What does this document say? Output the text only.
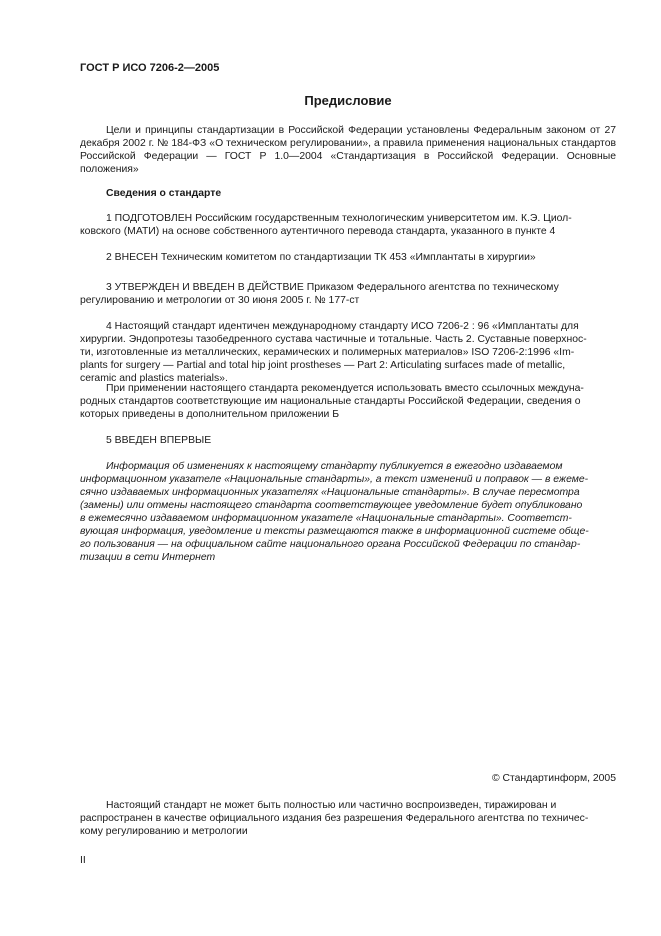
ГОСТ Р ИСО 7206-2—2005
Предисловие

Цели и принципы стандартизации в Российской Федерации установлены Федеральным законом от 27 декабря 2002 г. № 184-ФЗ «О техническом регулировании», а правила применения национальных стандартов Российской Федерации — ГОСТ Р 1.0—2004 «Стандартизация в Российской Федерации. Основные положения»

Сведения о стандарте

1 ПОДГОТОВЛЕН Российским государственным технологическим университетом им. К.Э. Циол-
ковского (МАТИ) на основе собственного аутентичного перевода стандарта, указанного в пункте 4

2 ВНЕСЕН Техническим комитетом по стандартизации ТК 453 «Имплантаты в хирургии»

3 УТВЕРЖДЕН И ВВЕДЕН В ДЕЙСТВИЕ Приказом Федерального агентства по техническому
регулированию и метрологии от 30 июня 2005 г. № 177-ст

4 Настоящий стандарт идентичен международному стандарту ИСО 7206-2 : 96 «Имплантаты для
хирургии. Эндопротезы тазобедренного сустава частичные и тотальные. Часть 2. Суставные поверхнос-
ти, изготовленные из металлических, керамических и полимерных материалов» ISO 7206-2:1996 «Im-
plants for surgery — Partial and total hip joint prostheses — Part 2: Articulating surfaces made of metallic,
ceramic and plastics materials».

При применении настоящего стандарта рекомендуется использовать вместо ссылочных междуна-
родных стандартов соответствующие им национальные стандарты Российской Федерации, сведения о
которых приведены в дополнительном приложении Б

5 ВВЕДЕН ВПЕРВЫЕ

Информация об изменениях к настоящему стандарту публикуется в ежегодно издаваемом
информационном указателе «Национальные стандарты», а текст изменений и поправок — в ежеме-
сячно издаваемых информационных указателях «Национальные стандарты». В случае пересмотра
(замены) или отмены настоящего стандарта соответствующее уведомление будет опубликовано
в ежемесячно издаваемом информационном указателе «Национальные стандарты». Соответст-
вующая информация, уведомление и тексты размещаются также в информационной системе обще-
го пользования — на официальном сайте национального органа Российской Федерации по стандар-
тизации в сети Интернет

© Стандартинформ, 2005

Настоящий стандарт не может быть полностью или частично воспроизведен, тиражирован и
распространен в качестве официального издания без разрешения Федерального агентства по техничес-
кому регулированию и метрологии

II
